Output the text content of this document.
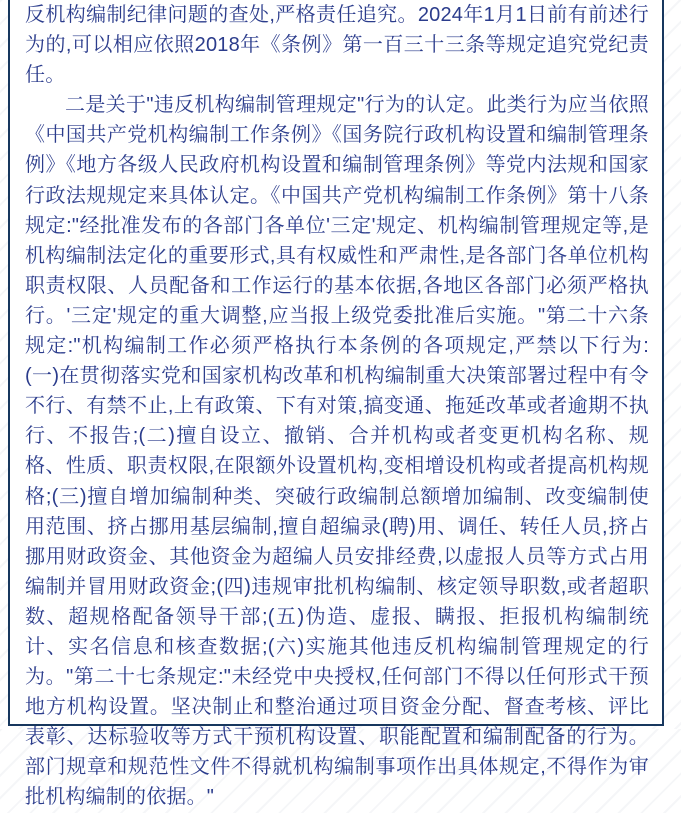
反机构编制纪律问题的查处,严格责任追究。2024年1月1日前有前述行为的,可以相应依照2018年《条例》第一百三十三条等规定追究党纪责任。

二是关于"违反机构编制管理规定"行为的认定。此类行为应当依照《中国共产党机构编制工作条例》《国务院行政机构设置和编制管理条例》《地方各级人民政府机构设置和编制管理条例》等党内法规和国家行政法规规定来具体认定。《中国共产党机构编制工作条例》第十八条规定:"经批准发布的各部门各单位'三定'规定、机构编制管理规定等,是机构编制法定化的重要形式,具有权威性和严肃性,是各部门各单位机构职责权限、人员配备和工作运行的基本依据,各地区各部门必须严格执行。'三定'规定的重大调整,应当报上级党委批准后实施。"第二十六条规定:"机构编制工作必须严格执行本条例的各项规定,严禁以下行为:(一)在贯彻落实党和国家机构改革和机构编制重大决策部署过程中有令不行、有禁不止,上有政策、下有对策,搞变通、拖延改革或者逾期不执行、不报告;(二)擅自设立、撤销、合并机构或者变更机构名称、规格、性质、职责权限,在限额外设置机构,变相增设机构或者提高机构规格;(三)擅自增加编制种类、突破行政编制总额增加编制、改变编制使用范围、挤占挪用基层编制,擅自超编录(聘)用、调任、转任人员,挤占挪用财政资金、其他资金为超编人员安排经费,以虚报人员等方式占用编制并冒用财政资金;(四)违规审批机构编制、核定领导职数,或者超职数、超规格配备领导干部;(五)伪造、虚报、瞒报、拒报机构编制统计、实名信息和核查数据;(六)实施其他违反机构编制管理规定的行为。"第二十七条规定:"未经党中央授权,任何部门不得以任何形式干预地方机构设置。坚决制止和整治通过项目资金分配、督查考核、评比表彰、达标验收等方式干预机构设置、职能配置和编制配备的行为。部门规章和规范性文件不得就机构编制事项作出具体规定,不得作为审批机构编制的依据。"
